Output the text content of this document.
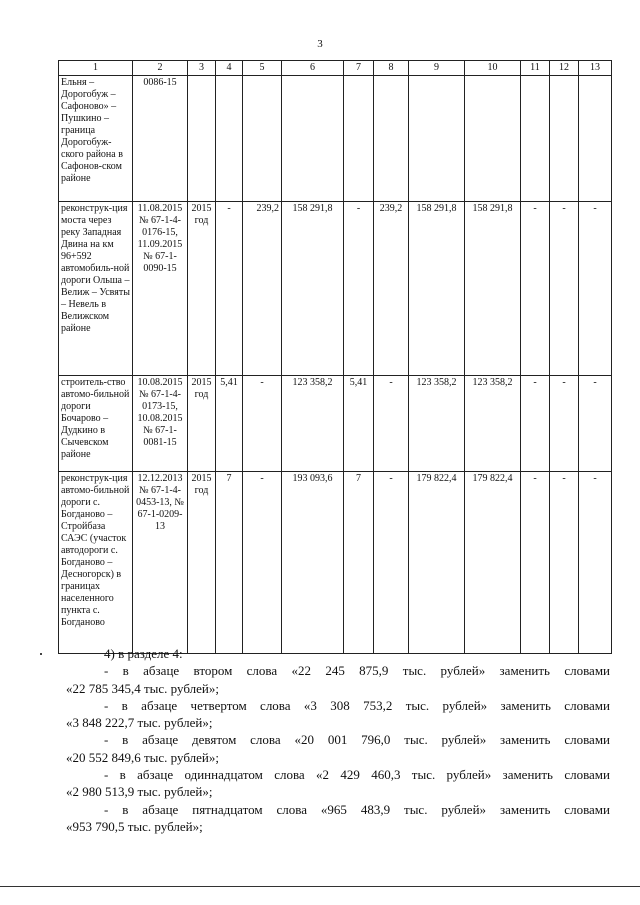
3
1	2	3	4	5	6	7	8	9	10	11	12	13
Ельня – Дорогобуж – Сафоново» – Пушкино – граница Дорогобуж-ского района в Сафонов-ском районе	0086-15											
реконструк-ция моста через реку Западная Двина на км 96+592 автомобиль-ной дороги Ольша – Велиж – Усвяты – Невель в Велижском районе	11.08.2015 № 67-1-4-0176-15, 11.09.2015 № 67-1-0090-15	2015 год	-	239,2	158 291,8	-	239,2	158 291,8	158 291,8	-	-	-
строитель-ство автомо-бильной дороги Бочарово – Дудкино в Сычевском районе	10.08.2015 № 67-1-4-0173-15, 10.08.2015 № 67-1-0081-15	2015 год	5,41	-	123 358,2	5,41	-	123 358,2	123 358,2	-	-	-
реконструк-ция автомо-бильной дороги с. Богданово – Стройбаза САЭС (участок автодороги с. Богданово – Десногорск) в границах населенного пункта с. Богданово	12.12.2013 № 67-1-4-0453-13, № 67-1-0209-13	2015 год	7	-	193 093,6	7	-	179 822,4	179 822,4	-	-	-
4) в разделе 4:
- в абзаце втором слова «22 245 875,9 тыс. рублей» заменить словами
«22 785 345,4 тыс. рублей»;
- в абзаце четвертом слова «3 308 753,2 тыс. рублей» заменить словами
«3 848 222,7 тыс. рублей»;
- в абзаце девятом слова «20 001 796,0 тыс. рублей» заменить словами
«20 552 849,6 тыс. рублей»;
- в абзаце одиннадцатом слова «2 429 460,3 тыс. рублей» заменить словами
«2 980 513,9 тыс. рублей»;
- в абзаце пятнадцатом слова «965 483,9 тыс. рублей» заменить словами
«953 790,5 тыс. рублей»;
